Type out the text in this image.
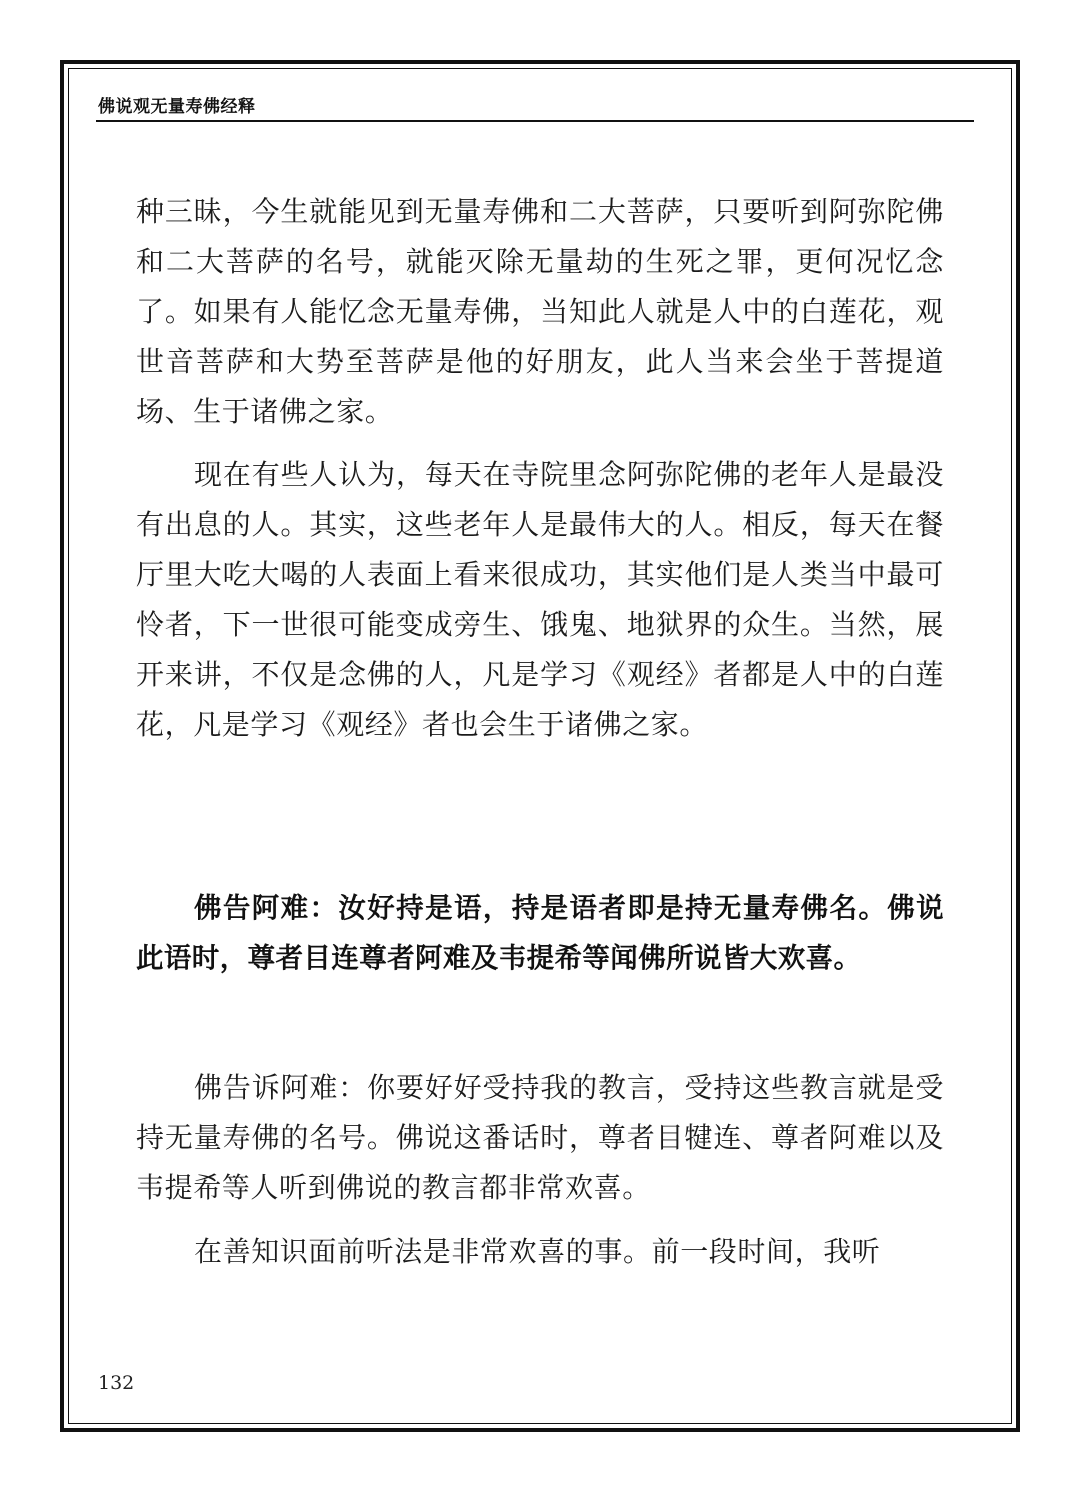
佛说观无量寿佛经释

种三昧，今生就能见到无量寿佛和二大菩萨，只要听到阿弥陀佛和二大菩萨的名号，就能灭除无量劫的生死之罪，更何况忆念了。如果有人能忆念无量寿佛，当知此人就是人中的白莲花，观世音菩萨和大势至菩萨是他的好朋友，此人当来会坐于菩提道场、生于诸佛之家。

现在有些人认为，每天在寺院里念阿弥陀佛的老年人是最没有出息的人。其实，这些老年人是最伟大的人。相反，每天在餐厅里大吃大喝的人表面上看来很成功，其实他们是人类当中最可怜者，下一世很可能变成旁生、饿鬼、地狱界的众生。当然，展开来讲，不仅是念佛的人，凡是学习《观经》者都是人中的白莲花，凡是学习《观经》者也会生于诸佛之家。

佛告阿难：汝好持是语，持是语者即是持无量寿佛名。佛说此语时，尊者目连尊者阿难及韦提希等闻佛所说皆大欢喜。

佛告诉阿难：你要好好受持我的教言，受持这些教言就是受持无量寿佛的名号。佛说这番话时，尊者目犍连、尊者阿难以及韦提希等人听到佛说的教言都非常欢喜。

在善知识面前听法是非常欢喜的事。前一段时间，我听

132
